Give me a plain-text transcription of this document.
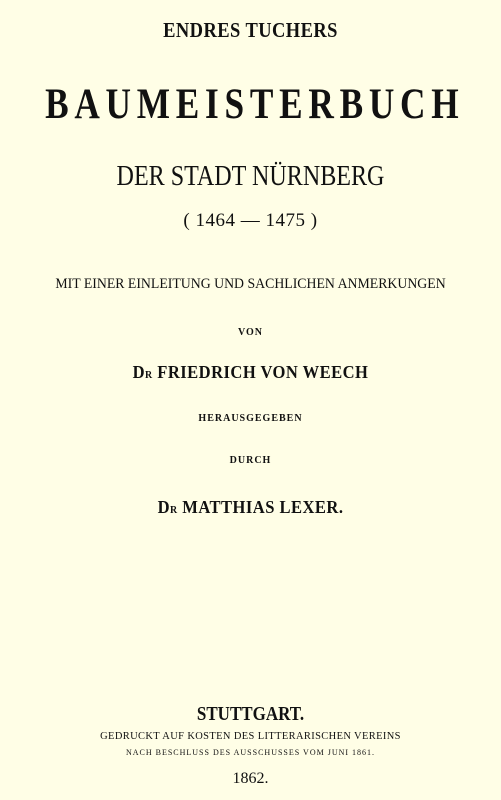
ENDRES TUCHERS
BAUMEISTERBUCH
DER STADT NÜRNBERG
( 1464 — 1475 )
MIT EINER EINLEITUNG UND SACHLICHEN ANMERKUNGEN
VON
DR FRIEDRICH VON WEECH
HERAUSGEGEBEN
DURCH
DR MATTHIAS LEXER.
STUTTGART.
GEDRUCKT AUF KOSTEN DES LITTERARISCHEN VEREINS
NACH BESCHLUSS DES AUSSCHUSSES VOM JUNI 1861.
1862.
